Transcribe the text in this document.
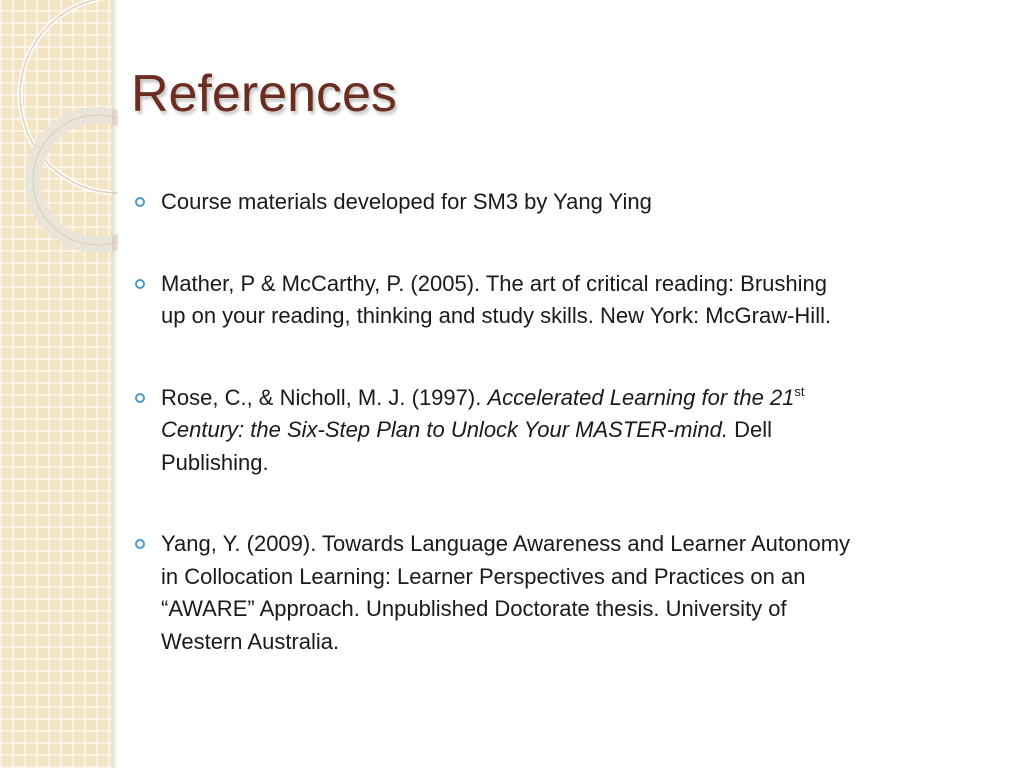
References
Course materials developed for SM3 by Yang Ying
Mather, P & McCarthy, P. (2005). The art of critical reading: Brushing up on your reading, thinking and study skills. New York: McGraw-Hill.
Rose, C., & Nicholl, M. J. (1997). Accelerated Learning for the 21st Century: the Six-Step Plan to Unlock Your MASTER-mind. Dell Publishing.
Yang, Y. (2009). Towards Language Awareness and Learner Autonomy in Collocation Learning: Learner Perspectives and Practices on an “AWARE” Approach. Unpublished Doctorate thesis. University of Western Australia.
